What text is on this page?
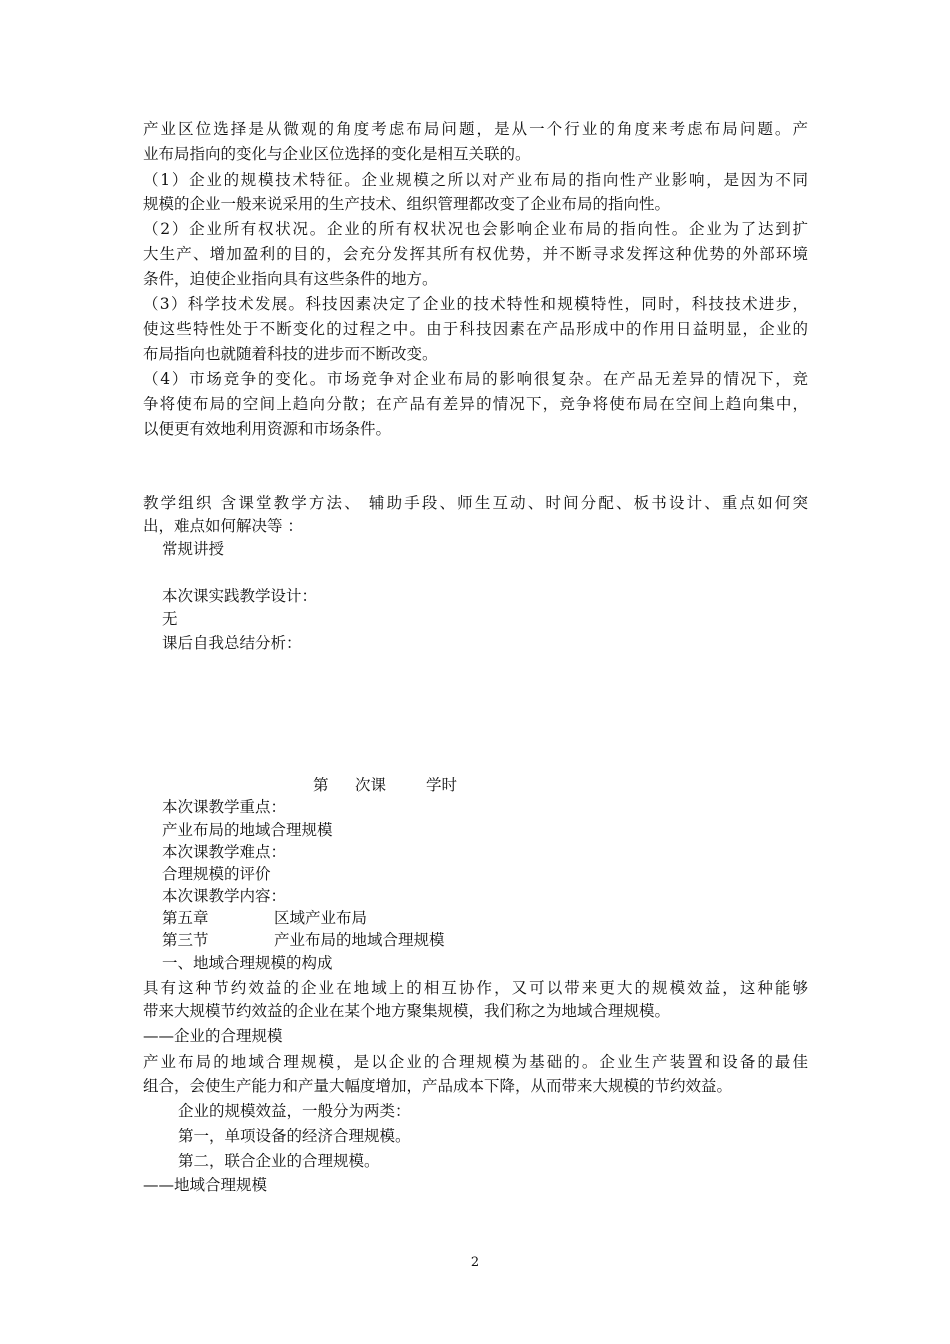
产业区位选择是从微观的角度考虑布局问题，是从一个行业的角度来考虑布局问题。产
业布局指向的变化与企业区位选择的变化是相互关联的。
（1）企业的规模技术特征。企业规模之所以对产业布局的指向性产业影响，是因为不同
规模的企业一般来说采用的生产技术、组织管理都改变了企业布局的指向性。
（2）企业所有权状况。企业的所有权状况也会影响企业布局的指向性。企业为了达到扩
大生产、增加盈利的目的，会充分发挥其所有权优势，并不断寻求发挥这种优势的外部环境
条件，迫使企业指向具有这些条件的地方。
（3）科学技术发展。科技因素决定了企业的技术特性和规模特性，同时，科技技术进步，
使这些特性处于不断变化的过程之中。由于科技因素在产品形成中的作用日益明显，企业的
布局指向也就随着科技的进步而不断改变。
（4）市场竞争的变化。市场竞争对企业布局的影响很复杂。在产品无差异的情况下，竞
争将使布局的空间上趋向分散；在产品有差异的情况下，竞争将使布局在空间上趋向集中，
以便更有效地利用资源和市场条件。
教学组织 含课堂教学方法、 辅助手段、师生互动、时间分配、板书设计、重点如何突
出，难点如何解决等 ：
常规讲授
本次课实践教学设计：
无
课后自我总结分析：
第 次课	学时
本次课教学重点：
产业布局的地域合理规模
本次课教学难点：
合理规模的评价
本次课教学内容：
第五章	区域产业布局
第三节	产业布局的地域合理规模
一、地域合理规模的构成
具有这种节约效益的企业在地域上的相互协作，又可以带来更大的规模效益，这种能够
带来大规模节约效益的企业在某个地方聚集规模，我们称之为地域合理规模。
——企业的合理规模
产业布局的地域合理规模，是以企业的合理规模为基础的。企业生产装置和设备的最佳
组合，会使生产能力和产量大幅度增加，产品成本下降，从而带来大规模的节约效益。
企业的规模效益，一般分为两类：
第一，单项设备的经济合理规模。
第二，联合企业的合理规模。
——地域合理规模
2
